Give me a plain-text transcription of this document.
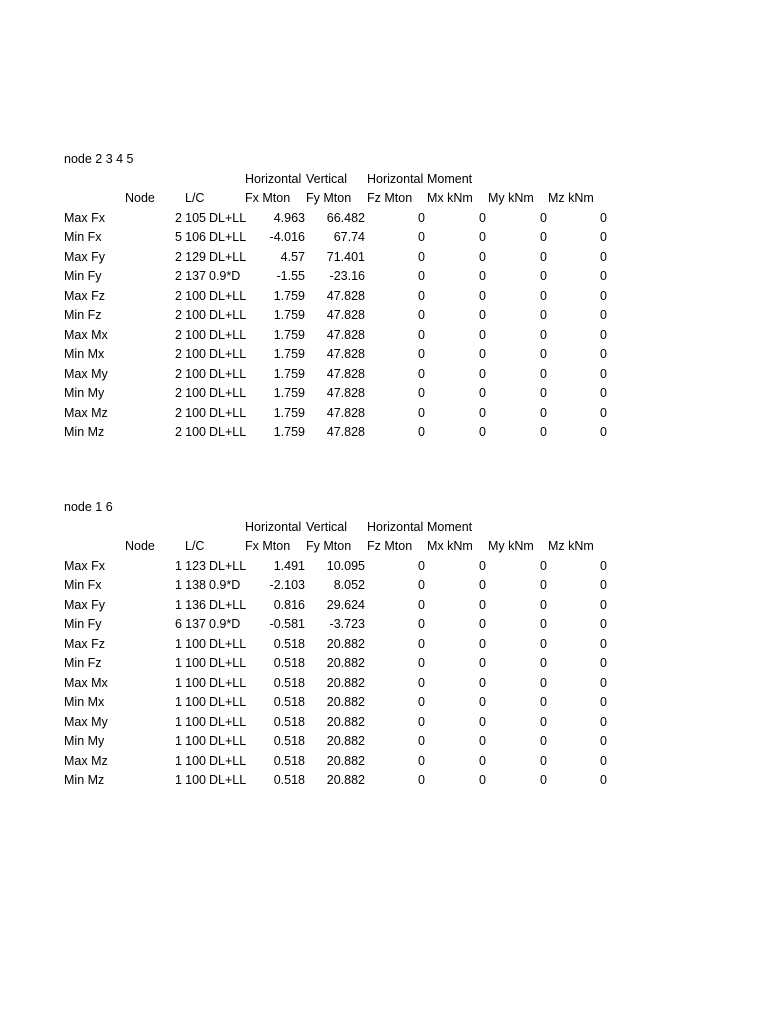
node 2 3 4 5
Horizontal Vertical Horizontal Moment
Node L/C	Fx Mton Fy Mton Fz Mton Mx kNm My kNm Mz kNm
Max Fx	2 105 DL+LL	4.963	66.482	0	0	0	0
Min Fx	5 106 DL+LL	-4.016	67.74	0	0	0	0
Max Fy	2 129 DL+LL	4.57	71.401	0	0	0	0
Min Fy	2 137 0.9*D	-1.55	-23.16	0	0	0	0
Max Fz	2 100 DL+LL	1.759	47.828	0	0	0	0
Min Fz	2 100 DL+LL	1.759	47.828	0	0	0	0
Max Mx	2 100 DL+LL	1.759	47.828	0	0	0	0
Min Mx	2 100 DL+LL	1.759	47.828	0	0	0	0
Max My	2 100 DL+LL	1.759	47.828	0	0	0	0
Min My	2 100 DL+LL	1.759	47.828	0	0	0	0
Max Mz	2 100 DL+LL	1.759	47.828	0	0	0	0
Min Mz	2 100 DL+LL	1.759	47.828	0	0	0	0
node 1 6
Horizontal Vertical Horizontal Moment
Node L/C	Fx Mton Fy Mton Fz Mton Mx kNm My kNm Mz kNm
Max Fx	1 123 DL+LL	1.491	10.095	0	0	0	0
Min Fx	1 138 0.9*D	-2.103	8.052	0	0	0	0
Max Fy	1 136 DL+LL	0.816	29.624	0	0	0	0
Min Fy	6 137 0.9*D	-0.581	-3.723	0	0	0	0
Max Fz	1 100 DL+LL	0.518	20.882	0	0	0	0
Min Fz	1 100 DL+LL	0.518	20.882	0	0	0	0
Max Mx	1 100 DL+LL	0.518	20.882	0	0	0	0
Min Mx	1 100 DL+LL	0.518	20.882	0	0	0	0
Max My	1 100 DL+LL	0.518	20.882	0	0	0	0
Min My	1 100 DL+LL	0.518	20.882	0	0	0	0
Max Mz	1 100 DL+LL	0.518	20.882	0	0	0	0
Min Mz	1 100 DL+LL	0.518	20.882	0	0	0	0
